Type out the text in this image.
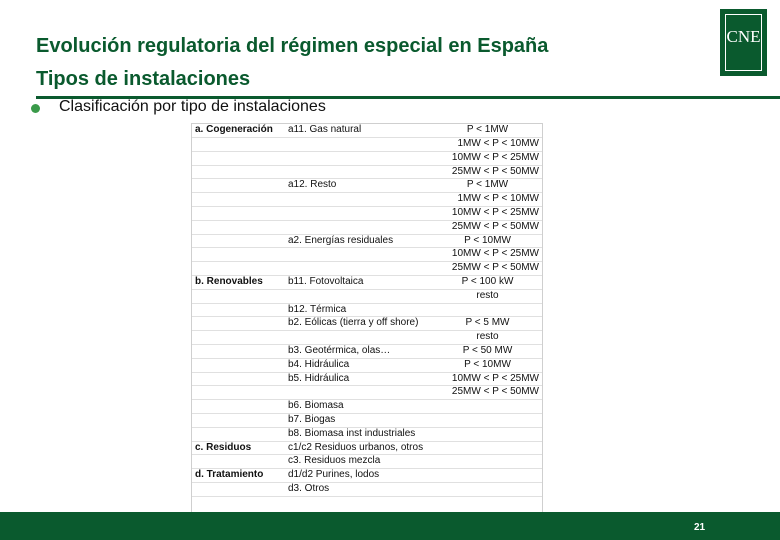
Evolución regulatoria del régimen especial en España
Tipos de instalaciones
CNE
Clasificación por tipo de instalaciones
a. Cogeneración	a11. Gas natural	P < 1MW
1MW < P < 10MW
10MW < P < 25MW
25MW < P < 50MW
a12. Resto	P < 1MW
1MW < P < 10MW
10MW < P < 25MW
25MW < P < 50MW
a2. Energías residuales	P < 10MW
10MW < P < 25MW
25MW < P < 50MW
b. Renovables	b11. Fotovoltaica	P < 100 kW
resto
b12. Térmica
b2. Eólicas (tierra y off shore)	P < 5 MW
resto
b3. Geotérmica, olas…	P < 50 MW
b4. Hidráulica	P < 10MW
b5. Hidráulica	10MW < P < 25MW
25MW < P < 50MW
b6. Biomasa
b7. Biogas
b8. Biomasa inst industriales
c. Residuos	c1/c2 Residuos urbanos, otros
c3. Residuos mezcla
d. Tratamiento	d1/d2 Purines, lodos
d3. Otros
21
